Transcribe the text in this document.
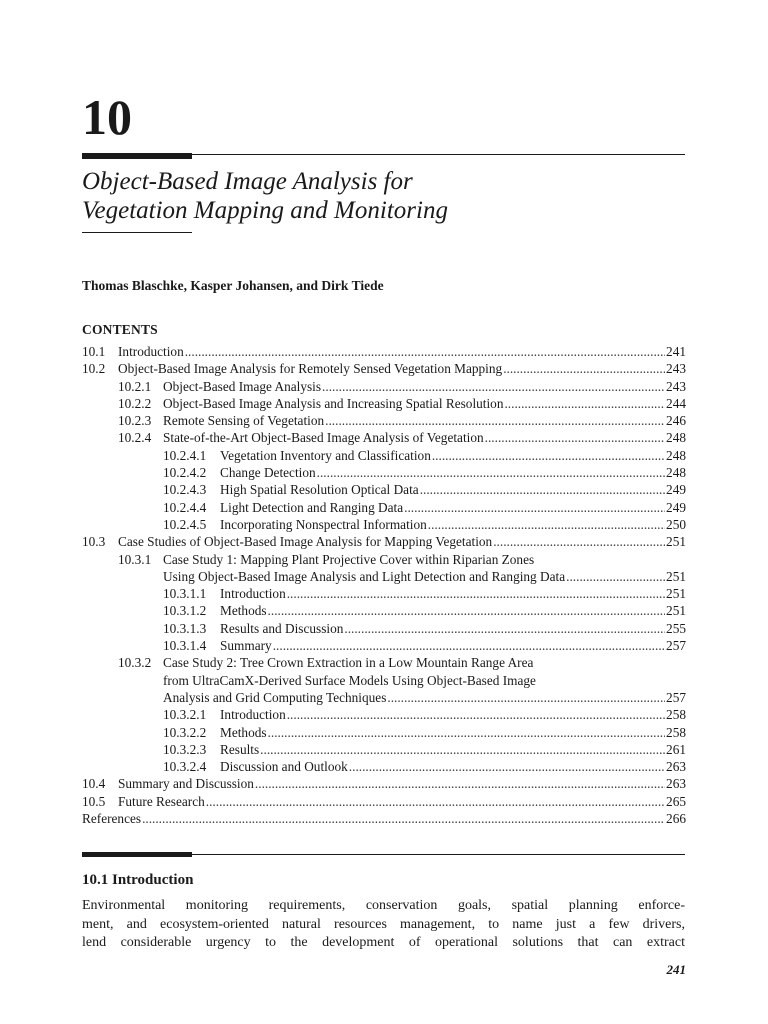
10
Object-Based Image Analysis for
Vegetation Mapping and Monitoring
Thomas Blaschke, Kasper Johansen, and Dirk Tiede
CONTENTS
10.1 Introduction .....	241
10.2 Object-Based Image Analysis for Remotely Sensed Vegetation Mapping .....	243
10.2.1 Object-Based Image Analysis .....	243
10.2.2 Object-Based Image Analysis and Increasing Spatial Resolution .....	244
10.2.3 Remote Sensing of Vegetation .....	246
10.2.4 State-of-the-Art Object-Based Image Analysis of Vegetation .....	248
10.2.4.1	Vegetation Inventory and Classification .....	248
10.2.4.2	Change Detection .....	248
10.2.4.3	High Spatial Resolution Optical Data .....	249
10.2.4.4	Light Detection and Ranging Data .....	249
10.2.4.5	Incorporating Nonspectral Information .....	250
10.3 Case Studies of Object-Based Image Analysis for Mapping Vegetation .....	251
10.3.1 Case Study 1: Mapping Plant Projective Cover within Riparian Zones
Using Object-Based Image Analysis and Light Detection and Ranging Data .....	251
10.3.1.1	Introduction .....	251
10.3.1.2	Methods .....	251
10.3.1.3	Results and Discussion .....	255
10.3.1.4	Summary .....	257
10.3.2 Case Study 2: Tree Crown Extraction in a Low Mountain Range Area
from UltraCamX-Derived Surface Models Using Object-Based Image
Analysis and Grid Computing Techniques .....	257
10.3.2.1	Introduction .....	258
10.3.2.2	Methods .....	258
10.3.2.3	Results .....	261
10.3.2.4	Discussion and Outlook .....	263
10.4 Summary and Discussion .....	263
10.5 Future Research .....	265
References .....	266
10.1 Introduction
Environmental monitoring requirements, conservation goals, spatial planning enforce-
ment, and ecosystem-oriented natural resources management, to name just a few drivers,
lend considerable urgency to the development of operational solutions that can extract
241
